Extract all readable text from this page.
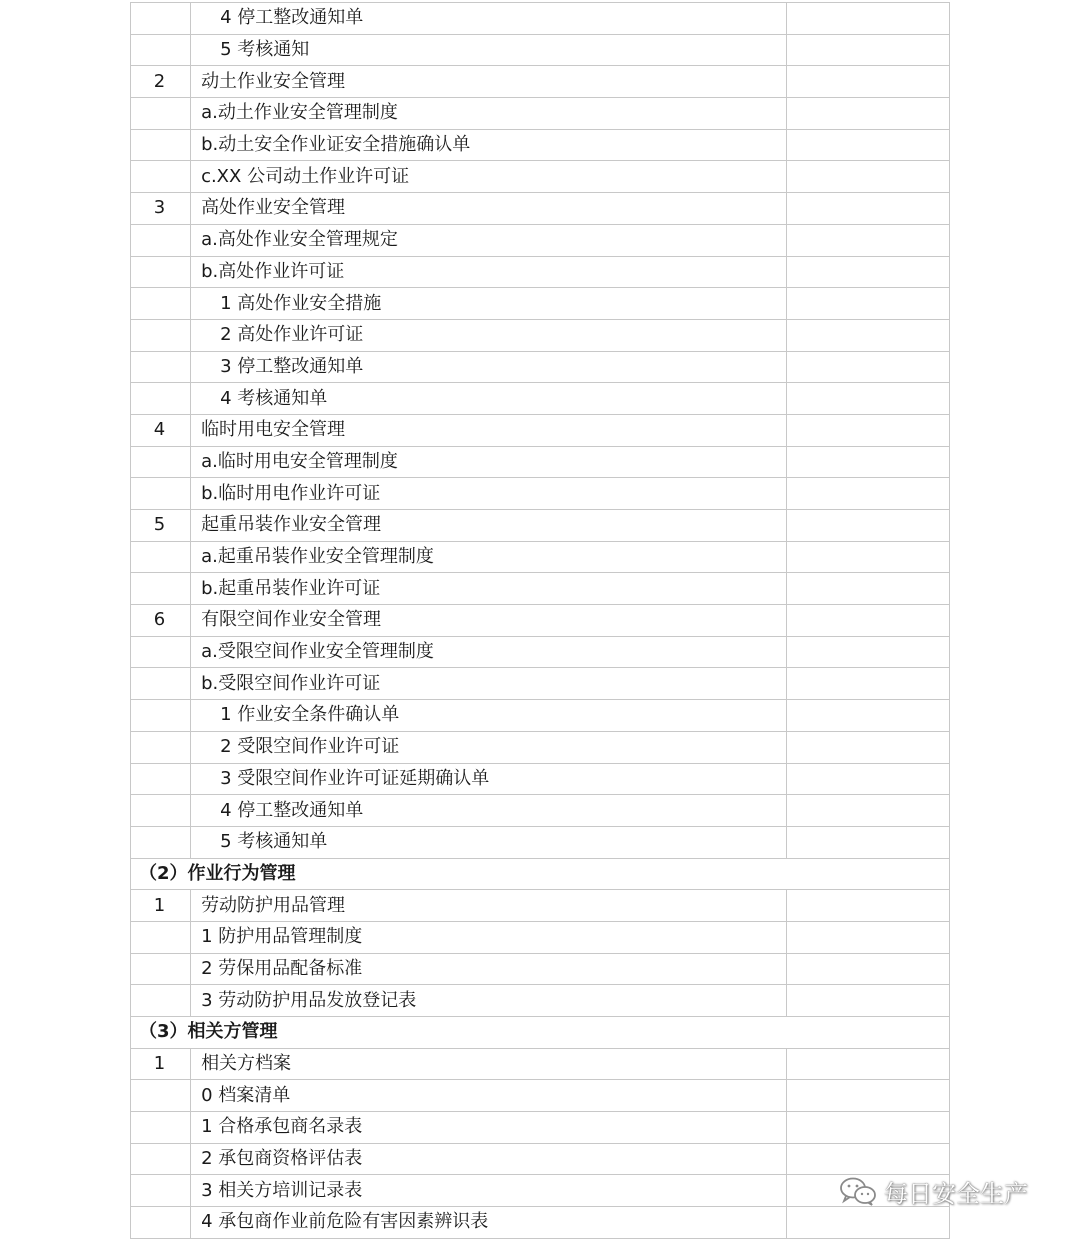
	4 停工整改通知单	
	5 考核通知	
2	动土作业安全管理	
	a.动土作业安全管理制度	
	b.动土安全作业证安全措施确认单	
	c.XX 公司动土作业许可证	
3	高处作业安全管理	
	a.高处作业安全管理规定	
	b.高处作业许可证	
	1 高处作业安全措施	
	2 高处作业许可证	
	3 停工整改通知单	
	4 考核通知单	
4	临时用电安全管理	
	a.临时用电安全管理制度	
	b.临时用电作业许可证	
5	起重吊装作业安全管理	
	a.起重吊装作业安全管理制度	
	b.起重吊装作业许可证	
6	有限空间作业安全管理	
	a.受限空间作业安全管理制度	
	b.受限空间作业许可证	
	1 作业安全条件确认单	
	2 受限空间作业许可证	
	3 受限空间作业许可证延期确认单	
	4 停工整改通知单	
	5 考核通知单	
（2）作业行为管理		
1	劳动防护用品管理	
	1 防护用品管理制度	
	2 劳保用品配备标准	
	3 劳动防护用品发放登记表	
（3）相关方管理		
1	相关方档案	
	0 档案清单	
	1 合格承包商名录表	
	2 承包商资格评估表	
	3 相关方培训记录表	
	4 承包商作业前危险有害因素辨识表	
每日安全生产
